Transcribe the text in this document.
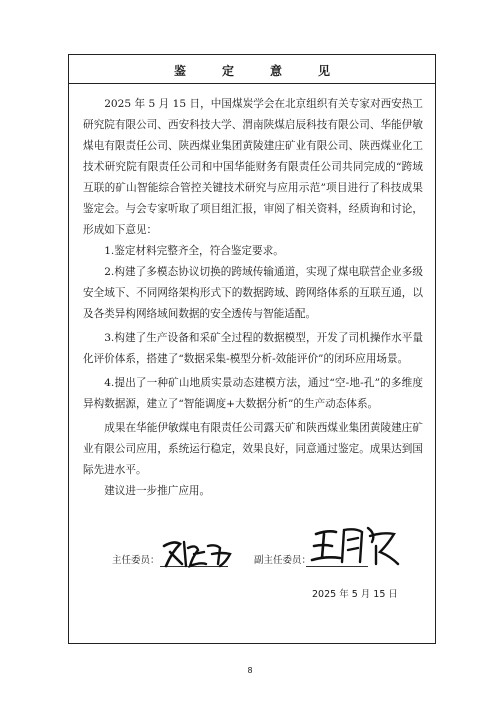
鉴定意见

2025 年 5 月 15 日，中国煤炭学会在北京组织有关专家对西安热工研究院有限公司、西安科技大学、渭南陕煤启辰科技有限公司、华能伊敏煤电有限责任公司、陕西煤业集团黄陵建庄矿业有限公司、陕西煤业化工技术研究院有限责任公司和中国华能财务有限责任公司共同完成的“跨域互联的矿山智能综合管控关键技术研究与应用示范”项目进行了科技成果鉴定会。与会专家听取了项目组汇报，审阅了相关资料，经质询和讨论，形成如下意见：

1.鉴定材料完整齐全，符合鉴定要求。

2.构建了多模态协议切换的跨域传输通道，实现了煤电联营企业多级安全域下、不同网络架构形式下的数据跨域、跨网络体系的互联互通，以及各类异构网络域间数据的安全透传与智能适配。

3.构建了生产设备和采矿全过程的数据模型，开发了司机操作水平量化评价体系，搭建了“数据采集-模型分析-效能评价”的闭环应用场景。

4.提出了一种矿山地质实景动态建模方法，通过“空-地-孔”的多维度异构数据源，建立了“智能调度+大数据分析”的生产动态体系。

成果在华能伊敏煤电有限责任公司露天矿和陕西煤业集团黄陵建庄矿业有限公司应用，系统运行稳定，效果良好，同意通过鉴定。成果达到国际先进水平。

建议进一步推广应用。

主任委员：	副主任委员：
2025 年 5 月 15 日
8
